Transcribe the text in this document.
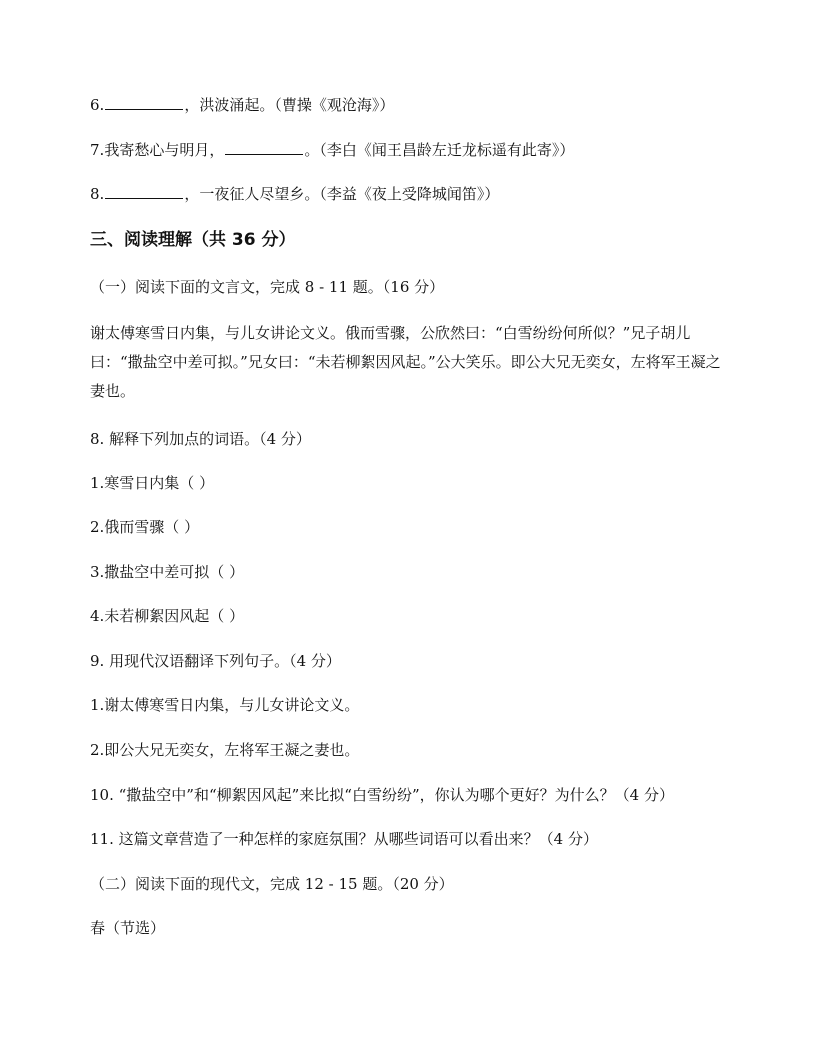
6.	，洪波涌起。（曹操《观沧海》）
7.我寄愁心与明月，	。（李白《闻王昌龄左迁龙标遥有此寄》）
8.	，一夜征人尽望乡。（李益《夜上受降城闻笛》）
三、阅读理解（共 36 分）
（一）阅读下面的文言文，完成 8 - 11 题。（16 分）
谢太傅寒雪日内集，与儿女讲论文义。俄而雪骤，公欣然曰：“白雪纷纷何所似？”兄子胡儿曰：“撒盐空中差可拟。”兄女曰：“未若柳絮因风起。”公大笑乐。即公大兄无奕女，左将军王凝之妻也。
8. 解释下列加点的词语。（4 分）
1.寒雪日内集（ ）
2.俄而雪骤（ ）
3.撒盐空中差可拟（ ）
4.未若柳絮因风起（ ）
9. 用现代汉语翻译下列句子。（4 分）
1.谢太傅寒雪日内集，与儿女讲论文义。
2.即公大兄无奕女，左将军王凝之妻也。
10. “撒盐空中”和“柳絮因风起”来比拟“白雪纷纷”，你认为哪个更好？为什么？（4 分）
11. 这篇文章营造了一种怎样的家庭氛围？从哪些词语可以看出来？（4 分）
（二）阅读下面的现代文，完成 12 - 15 题。（20 分）
春（节选）
